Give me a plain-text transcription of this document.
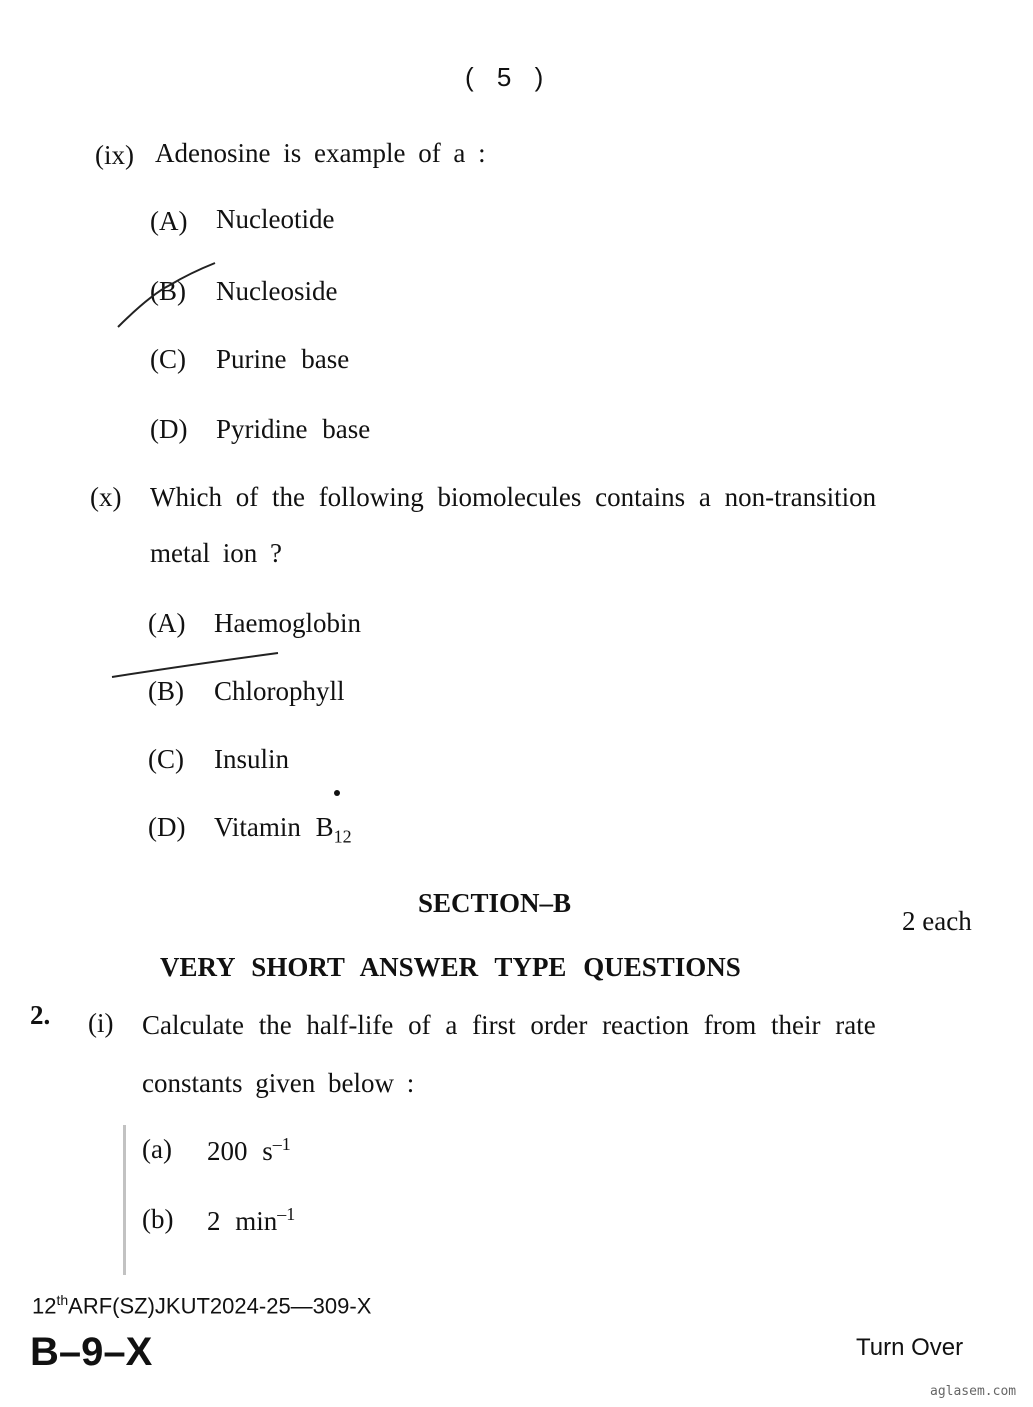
( 5 )
(ix) Adenosine is example of a :
(A) Nucleotide
(B) Nucleoside
(C) Purine base
(D) Pyridine base
(x) Which of the following biomolecules contains a non-transition
metal ion ?
(A) Haemoglobin
(B) Chlorophyll
(C) Insulin
(D) Vitamin $B_{12}$
SECTION–B
2 each
VERY SHORT ANSWER TYPE QUESTIONS
2. (i) Calculate the half-life of a first order reaction from their rate
constants given below :
(a) 200 $s^{-1}$
(b) 2 $\min^{-1}$
12thARF(SZ)JKUT2024-25—309-X
B–9–X	Turn Over
aglasem.com
